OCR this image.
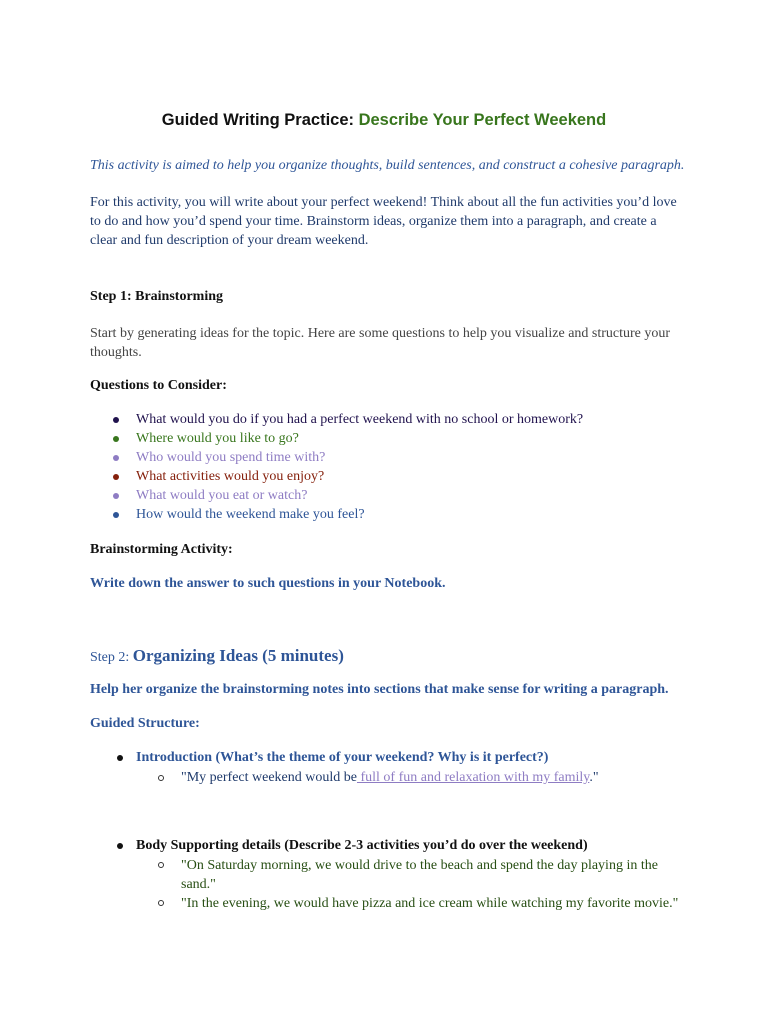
Guided Writing Practice: Describe Your Perfect Weekend

This activity is aimed to help you organize thoughts, build sentences, and construct a cohesive paragraph.

For this activity, you will write about your perfect weekend! Think about all the fun activities you’d love to do and how you’d spend your time. Brainstorm ideas, organize them into a paragraph, and create a clear and fun description of your dream weekend.

Step 1: Brainstorming

Start by generating ideas for the topic. Here are some questions to help you visualize and structure your thoughts.

Questions to Consider:

What would you do if you had a perfect weekend with no school or homework?
Where would you like to go?
Who would you spend time with?
What activities would you enjoy?
What would you eat or watch?
How would the weekend make you feel?

Brainstorming Activity:

Write down the answer to such questions in your Notebook.

Step 2: Organizing Ideas (5 minutes)

Help her organize the brainstorming notes into sections that make sense for writing a paragraph.

Guided Structure:

Introduction (What’s the theme of your weekend? Why is it perfect?)

"My perfect weekend would be full of fun and relaxation with my family."

Body Supporting details (Describe 2-3 activities you’d do over the weekend)

"On Saturday morning, we would drive to the beach and spend the day playing in the sand."

"In the evening, we would have pizza and ice cream while watching my favorite movie."
